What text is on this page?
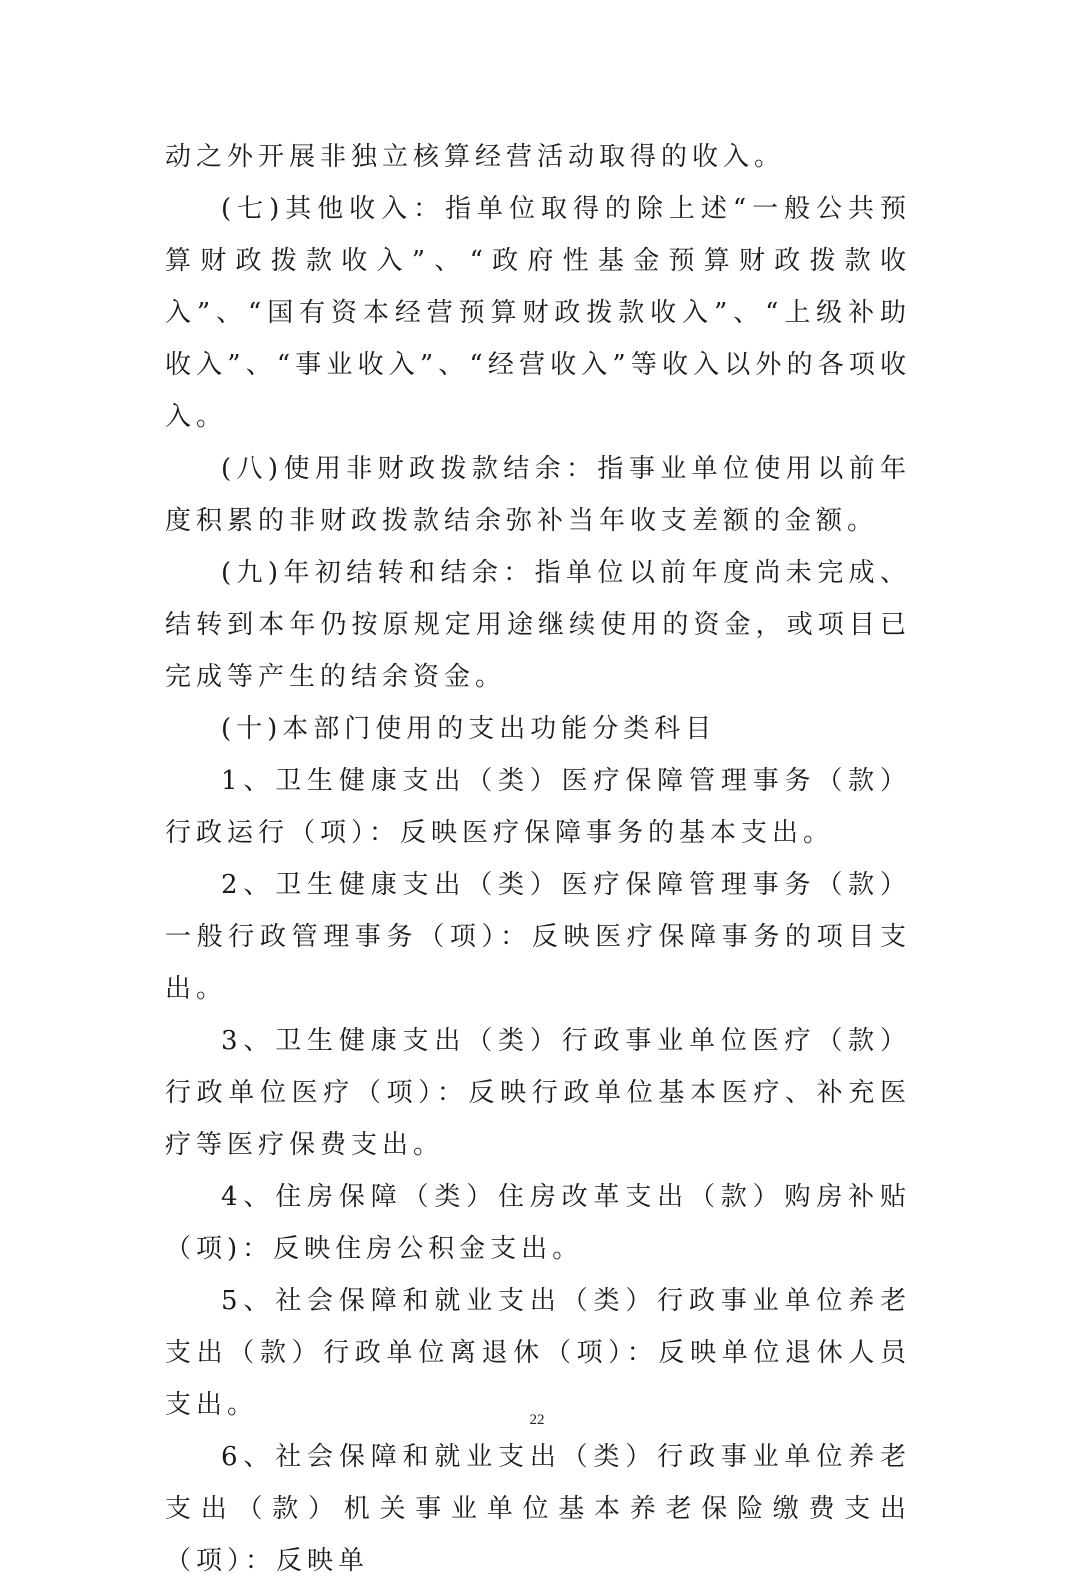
动之外开展非独立核算经营活动取得的收入。

(七)其他收入：指单位取得的除上述“一般公共预算财政拨款收入”、“政府性基金预算财政拨款收入”、“国有资本经营预算财政拨款收入”、“上级补助收入”、“事业收入”、“经营收入”等收入以外的各项收入。

(八)使用非财政拨款结余：指事业单位使用以前年度积累的非财政拨款结余弥补当年收支差额的金额。

(九)年初结转和结余：指单位以前年度尚未完成、结转到本年仍按原规定用途继续使用的资金，或项目已完成等产生的结余资金。

(十)本部门使用的支出功能分类科目

1、卫生健康支出（类）医疗保障管理事务（款）行政运行（项）：反映医疗保障事务的基本支出。

2、卫生健康支出（类）医疗保障管理事务（款）一般行政管理事务（项）：反映医疗保障事务的项目支出。

3、卫生健康支出（类）行政事业单位医疗（款）行政单位医疗（项）：反映行政单位基本医疗、补充医疗等医疗保费支出。

4、住房保障（类）住房改革支出（款）购房补贴（项)：反映住房公积金支出。

5、社会保障和就业支出（类）行政事业单位养老支出（款）行政单位离退休（项）：反映单位退休人员支出。

6、社会保障和就业支出（类）行政事业单位养老支出（款）机关事业单位基本养老保险缴费支出（项）：反映单

22
